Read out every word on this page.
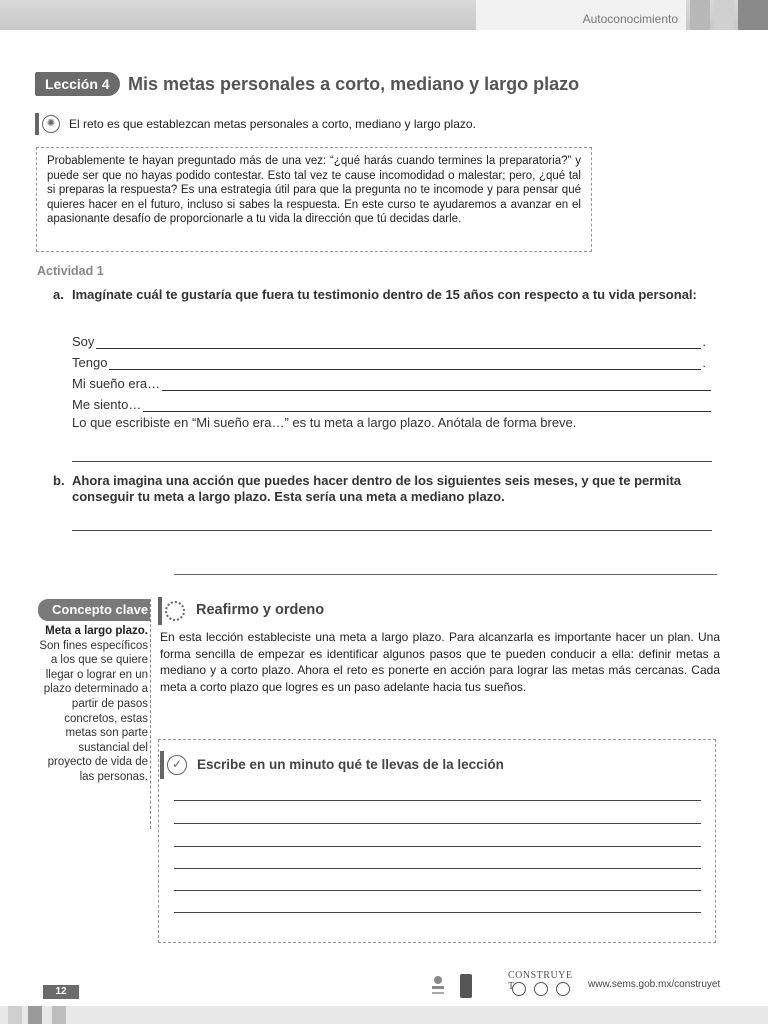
Autoconocimiento
Lección 4	Mis metas personales a corto, mediano y largo plazo
✺	El reto es que establezcan metas personales a corto, mediano y largo plazo.

Probablemente te hayan preguntado más de una vez: “¿qué harás cuando termines la preparatoria?” y puede ser que no hayas podido contestar. Esto tal vez te cause incomodidad o malestar; pero, ¿qué tal si preparas la respuesta? Es una estrategia útil para que la pregunta no te incomode y para pensar qué quieres hacer en el futuro, incluso si sabes la respuesta. En este curso te ayudaremos a avanzar en el apasionante desafío de proporcionarle a tu vida la dirección que tú decidas darle.

Actividad 1
a. Imagínate cuál te gustaría que fuera tu testimonio dentro de 15 años con respecto a tu vida personal:
Soy	.
Tengo	.
Mi sueño era…
Me siento…
Lo que escribiste en “Mi sueño era…” es tu meta a largo plazo. Anótala de forma breve.
b. Ahora imagina una acción que puedes hacer dentro de los siguientes seis meses, y que te permita conseguir tu meta a largo plazo. Esta sería una meta a mediano plazo.
Concepto clave
Meta a largo plazo. Son fines específicos a los que se quiere llegar o lograr en un plazo determinado a partir de pasos concretos, estas metas son parte sustancial del proyecto de vida de las personas.
Reafirmo y ordeno
En esta lección estableciste una meta a largo plazo. Para alcanzarla es importante hacer un plan. Una forma sencilla de empezar es identificar algunos pasos que te pueden conducir a ella: definir metas a mediano y a corto plazo. Ahora el reto es ponerte en acción para lograr las metas más cercanas. Cada meta a corto plazo que logres es un paso adelante hacia tus sueños.
✓	Escribe en un minuto qué te llevas de la lección
12
CONSTRUYE T	www.sems.gob.mx/construyet
